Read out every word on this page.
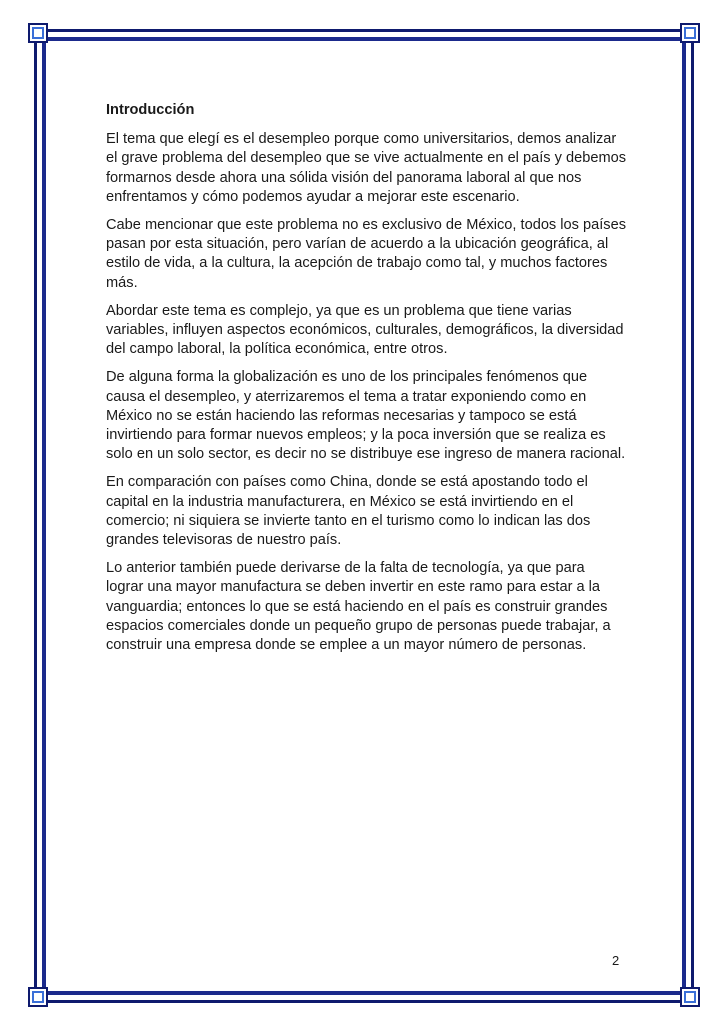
Introducción

El tema que elegí es el desempleo porque como universitarios, demos analizar el grave problema del desempleo que se vive actualmente en el país y debemos formarnos desde ahora una sólida visión del panorama laboral al que nos enfrentamos y cómo podemos ayudar a mejorar este escenario.

Cabe mencionar que este problema no es exclusivo de México, todos los países pasan por esta situación, pero varían de acuerdo a la ubicación geográfica, al estilo de vida, a la cultura, la acepción de trabajo como tal, y muchos factores más.

Abordar este tema es complejo, ya que es un problema que tiene varias variables, influyen aspectos económicos, culturales, demográficos, la diversidad del campo laboral, la política económica, entre otros.

De alguna forma la globalización es uno de los principales fenómenos que causa el desempleo, y aterrizaremos el tema a tratar exponiendo como en México no se están haciendo las reformas necesarias y tampoco se está invirtiendo para formar nuevos empleos; y la poca inversión que se realiza es solo en un solo sector, es decir no se distribuye ese ingreso de manera racional.

En comparación con países como China, donde se está apostando todo el capital en la industria manufacturera, en México se está invirtiendo en el comercio; ni siquiera se invierte tanto en el turismo como lo indican las dos grandes televisoras de nuestro país.

Lo anterior también puede derivarse de la falta de tecnología, ya que para lograr una mayor manufactura se deben invertir en este ramo para estar a la vanguardia; entonces lo que se está haciendo en el país es construir grandes espacios comerciales donde un pequeño grupo de personas puede trabajar, a construir una empresa donde se emplee a un mayor número de personas.

2
